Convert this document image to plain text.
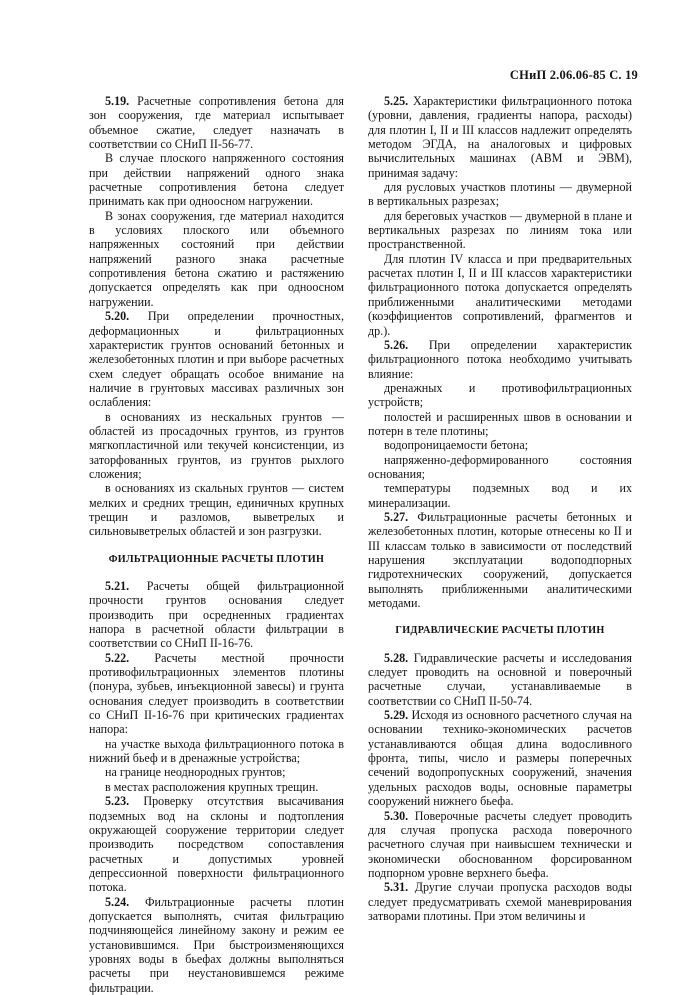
СНиП 2.06.06-85 С. 19

5.19. Расчетные сопротивления бетона для зон сооружения, где материал испытывает объемное сжатие, следует назначать в соответствии со СНиП II-56-77.

В случае плоского напряженного состояния при действии напряжений одного знака расчетные сопротивления бетона следует принимать как при одноосном нагружении.

В зонах сооружения, где материал находится в условиях плоского или объемного напряженных состояний при действии напряжений разного знака расчетные сопротивления бетона сжатию и растяжению допускается определять как при одноосном нагружении.

5.20. При определении прочностных, деформационных и фильтрационных характеристик грунтов оснований бетонных и железобетонных плотин и при выборе расчетных схем следует обращать особое внимание на наличие в грунтовых массивах различных зон ослабления:

в основаниях из нескальных грунтов — областей из просадочных грунтов, из грунтов мягкопластичной или текучей консистенции, из заторфованных грунтов, из грунтов рыхлого сложения;

в основаниях из скальных грунтов — систем мелких и средних трещин, единичных крупных трещин и разломов, выветрелых и сильновыветрелых областей и зон разгрузки.

ФИЛЬТРАЦИОННЫЕ РАСЧЕТЫ ПЛОТИН

5.21. Расчеты общей фильтрационной прочности грунтов основания следует производить при осредненных градиентах напора в расчетной области фильтрации в соответствии со СНиП II-16-76.

5.22. Расчеты местной прочности противофильтрационных элементов плотины (понура, зубьев, инъекционной завесы) и грунта основания следует производить в соответствии со СНиП II-16-76 при критических градиентах напора:

на участке выхода фильтрационного потока в нижний бьеф и в дренажные устройства;

на границе неоднородных грунтов;

в местах расположения крупных трещин.

5.23. Проверку отсутствия высачивания подземных вод на склоны и подтопления окружающей сооружение территории следует производить посредством сопоставления расчетных и допустимых уровней депрессионной поверхности фильтрационного потока.

5.24. Фильтрационные расчеты плотин допускается выполнять, считая фильтрацию подчиняющейся линейному закону и режим ее установившимся. При быстроизменяющихся уровнях воды в бьефах должны выполняться расчеты при неустановившемся режиме фильтрации.

5.25. Характеристики фильтрационного потока (уровни, давления, градиенты напора, расходы) для плотин I, II и III классов надлежит определять методом ЭГДА, на аналоговых и цифровых вычислительных машинах (АВМ и ЭВМ), принимая задачу:

для русловых участков плотины — двумерной в вертикальных разрезах;

для береговых участков — двумерной в плане и вертикальных разрезах по линиям тока или пространственной.

Для плотин IV класса и при предварительных расчетах плотин I, II и III классов характеристики фильтрационного потока допускается определять приближенными аналитическими методами (коэффициентов сопротивлений, фрагментов и др.).

5.26. При определении характеристик фильтрационного потока необходимо учитывать влияние:

дренажных и противофильтрационных устройств;

полостей и расширенных швов в основании и потерн в теле плотины;

водопроницаемости бетона;

напряженно-деформированного состояния основания;

температуры подземных вод и их минерализации.

5.27. Фильтрационные расчеты бетонных и железобетонных плотин, которые отнесены ко II и III классам только в зависимости от последствий нарушения эксплуатации водоподпорных гидротехнических сооружений, допускается выполнять приближенными аналитическими методами.

ГИДРАВЛИЧЕСКИЕ РАСЧЕТЫ ПЛОТИН

5.28. Гидравлические расчеты и исследования следует проводить на основной и поверочный расчетные случаи, устанавливаемые в соответствии со СНиП II-50-74.

5.29. Исходя из основного расчетного случая на основании технико-экономических расчетов устанавливаются общая длина водосливного фронта, типы, число и размеры поперечных сечений водопропускных сооружений, значения удельных расходов воды, основные параметры сооружений нижнего бьефа.

5.30. Поверочные расчеты следует проводить для случая пропуска расхода поверочного расчетного случая при наивысшем технически и экономически обоснованном форсированном подпорном уровне верхнего бьефа.

5.31. Другие случаи пропуска расходов воды следует предусматривать схемой маневрирования затворами плотины. При этом величины и
